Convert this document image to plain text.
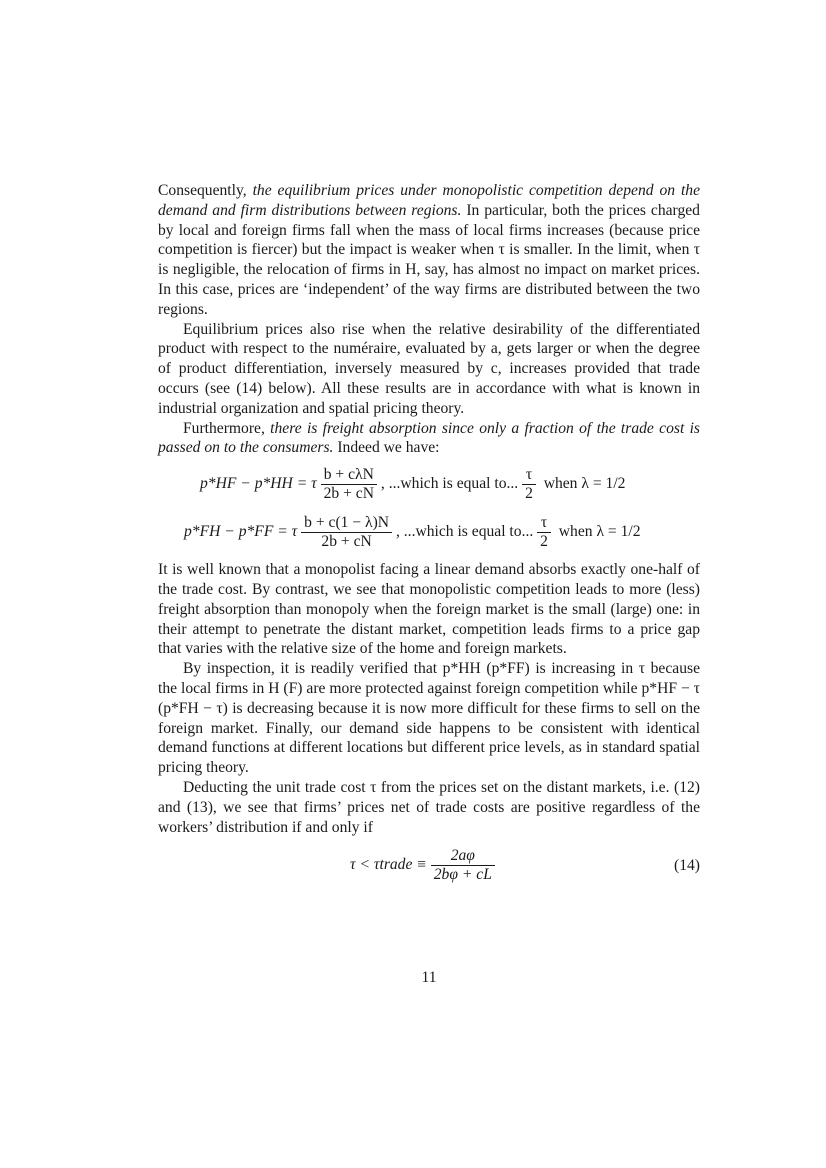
Consequently, the equilibrium prices under monopolistic competition depend on the demand and firm distributions between regions. In particular, both the prices charged by local and foreign firms fall when the mass of local firms increases (because price competition is fiercer) but the impact is weaker when τ is smaller. In the limit, when τ is negligible, the relocation of firms in H, say, has almost no impact on market prices. In this case, prices are ‘independent’ of the way firms are distributed between the two regions.

Equilibrium prices also rise when the relative desirability of the differentiated product with respect to the numéraire, evaluated by a, gets larger or when the degree of product differentiation, inversely measured by c, increases provided that trade occurs (see (14) below). All these results are in accordance with what is known in industrial organization and spatial pricing theory.

Furthermore, there is freight absorption since only a fraction of the trade cost is passed on to the consumers. Indeed we have:

p*HF − p*HH = τ $\frac{\text{b + cλN}}{2b + cN}$ , ...which is equal to... $\frac{\tau}{2}$ when λ = 1/2
p*FH − p*FF = τ $\frac{b + c(1 - \lambda)N}{2b + cN}$ , ...which is equal to... $\frac{\tau}{2}$ when λ = 1/2

It is well known that a monopolist facing a linear demand absorbs exactly one-half of the trade cost. By contrast, we see that monopolistic competition leads to more (less) freight absorption than monopoly when the foreign market is the small (large) one: in their attempt to penetrate the distant market, competition leads firms to a price gap that varies with the relative size of the home and foreign markets.

By inspection, it is readily verified that p*HH (p*FF) is increasing in τ because the local firms in H (F) are more protected against foreign competition while p*HF − τ (p*FH − τ) is decreasing because it is now more difficult for these firms to sell on the foreign market. Finally, our demand side happens to be consistent with identical demand functions at different locations but different price levels, as in standard spatial pricing theory.

Deducting the unit trade cost τ from the prices set on the distant markets, i.e. (12) and (13), we see that firms’ prices net of trade costs are positive regardless of the workers’ distribution if and only if

τ < τtrade ≡ $\frac{2a\varphi}{2b\varphi + cL}$	(14)
11
